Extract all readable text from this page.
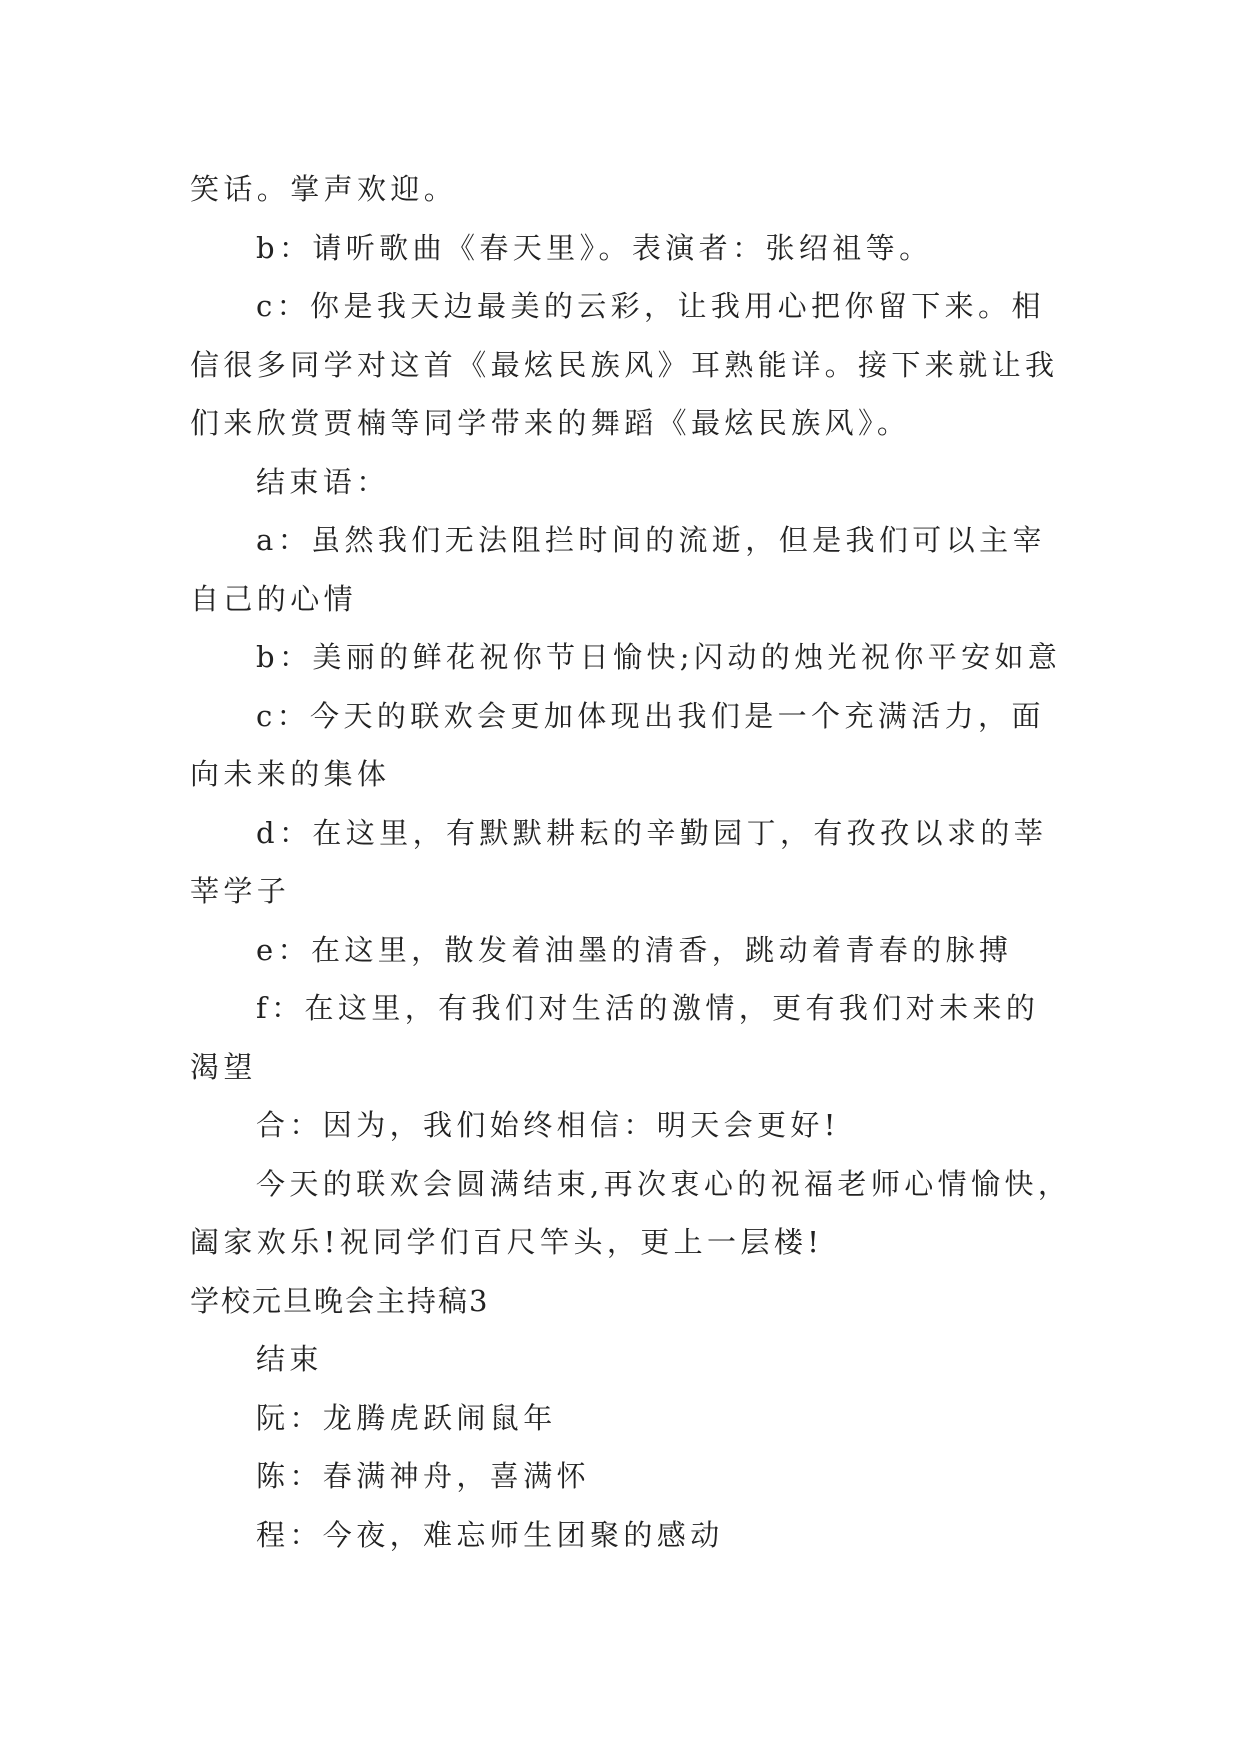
笑话。掌声欢迎。

b：请听歌曲《春天里》。表演者：张绍祖等。

c：你是我天边最美的云彩，让我用心把你留下来。相

信很多同学对这首《最炫民族风》耳熟能详。接下来就让我

们来欣赏贾楠等同学带来的舞蹈《最炫民族风》。

结束语：

a：虽然我们无法阻拦时间的流逝，但是我们可以主宰

自己的心情

b：美丽的鲜花祝你节日愉快;闪动的烛光祝你平安如意

c：今天的联欢会更加体现出我们是一个充满活力，面

向未来的集体

d：在这里，有默默耕耘的辛勤园丁，有孜孜以求的莘

莘学子

e：在这里，散发着油墨的清香，跳动着青春的脉搏

f：在这里，有我们对生活的激情，更有我们对未来的

渴望

合：因为，我们始终相信：明天会更好!

今天的联欢会圆满结束,再次衷心的祝福老师心情愉快，

阖家欢乐!祝同学们百尺竿头，更上一层楼!

学校元旦晚会主持稿3

结束

阮：龙腾虎跃闹鼠年

陈：春满神舟，喜满怀

程：今夜，难忘师生团聚的感动
